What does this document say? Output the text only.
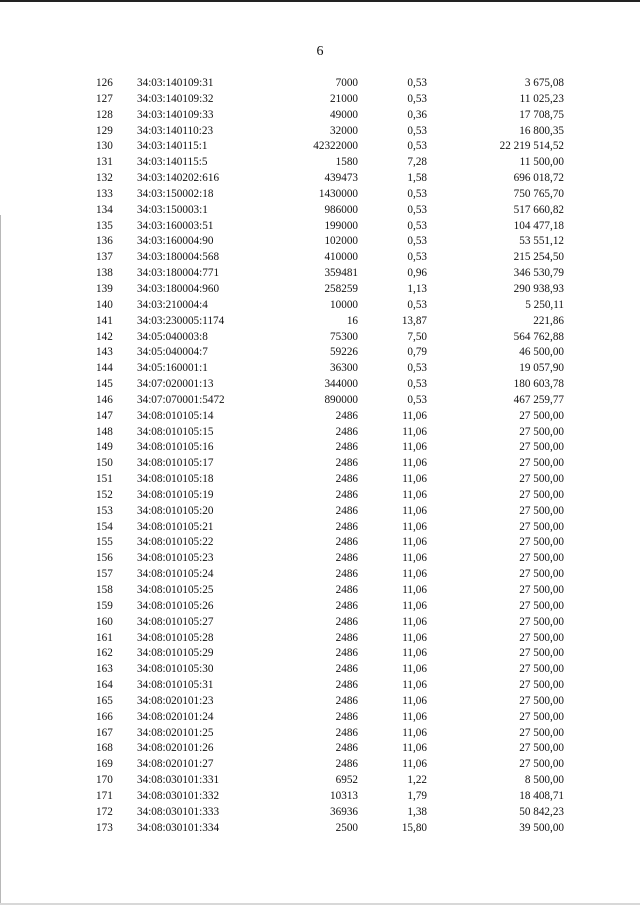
6
126 34:03:140109:31	7000	0,53	3 675,08
127 34:03:140109:32	21000	0,53	11 025,23
128 34:03:140109:33	49000	0,36	17 708,75
129 34:03:140110:23	32000	0,53	16 800,35
130 34:03:140115:1	42322000	0,53	22 219 514,52
131 34:03:140115:5	1580	7,28	11 500,00
132 34:03:140202:616	439473	1,58	696 018,72
133 34:03:150002:18	1430000	0,53	750 765,70
134 34:03:150003:1	986000	0,53	517 660,82
135 34:03:160003:51	199000	0,53	104 477,18
136 34:03:160004:90	102000	0,53	53 551,12
137 34:03:180004:568	410000	0,53	215 254,50
138 34:03:180004:771	359481	0,96	346 530,79
139 34:03:180004:960	258259	1,13	290 938,93
140 34:03:210004:4	10000	0,53	5 250,11
141 34:03:230005:1174	16	13,87	221,86
142 34:05:040003:8	75300	7,50	564 762,88
143 34:05:040004:7	59226	0,79	46 500,00
144 34:05:160001:1	36300	0,53	19 057,90
145 34:07:020001:13	344000	0,53	180 603,78
146 34:07:070001:5472	890000	0,53	467 259,77
147 34:08:010105:14	2486	11,06	27 500,00
148 34:08:010105:15	2486	11,06	27 500,00
149 34:08:010105:16	2486	11,06	27 500,00
150 34:08:010105:17	2486	11,06	27 500,00
151 34:08:010105:18	2486	11,06	27 500,00
152 34:08:010105:19	2486	11,06	27 500,00
153 34:08:010105:20	2486	11,06	27 500,00
154 34:08:010105:21	2486	11,06	27 500,00
155 34:08:010105:22	2486	11,06	27 500,00
156 34:08:010105:23	2486	11,06	27 500,00
157 34:08:010105:24	2486	11,06	27 500,00
158 34:08:010105:25	2486	11,06	27 500,00
159 34:08:010105:26	2486	11,06	27 500,00
160 34:08:010105:27	2486	11,06	27 500,00
161 34:08:010105:28	2486	11,06	27 500,00
162 34:08:010105:29	2486	11,06	27 500,00
163 34:08:010105:30	2486	11,06	27 500,00
164 34:08:010105:31	2486	11,06	27 500,00
165 34:08:020101:23	2486	11,06	27 500,00
166 34:08:020101:24	2486	11,06	27 500,00
167 34:08:020101:25	2486	11,06	27 500,00
168 34:08:020101:26	2486	11,06	27 500,00
169 34:08:020101:27	2486	11,06	27 500,00
170 34:08:030101:331	6952	1,22	8 500,00
171 34:08:030101:332	10313	1,79	18 408,71
172 34:08:030101:333	36936	1,38	50 842,23
173 34:08:030101:334	2500	15,80	39 500,00
